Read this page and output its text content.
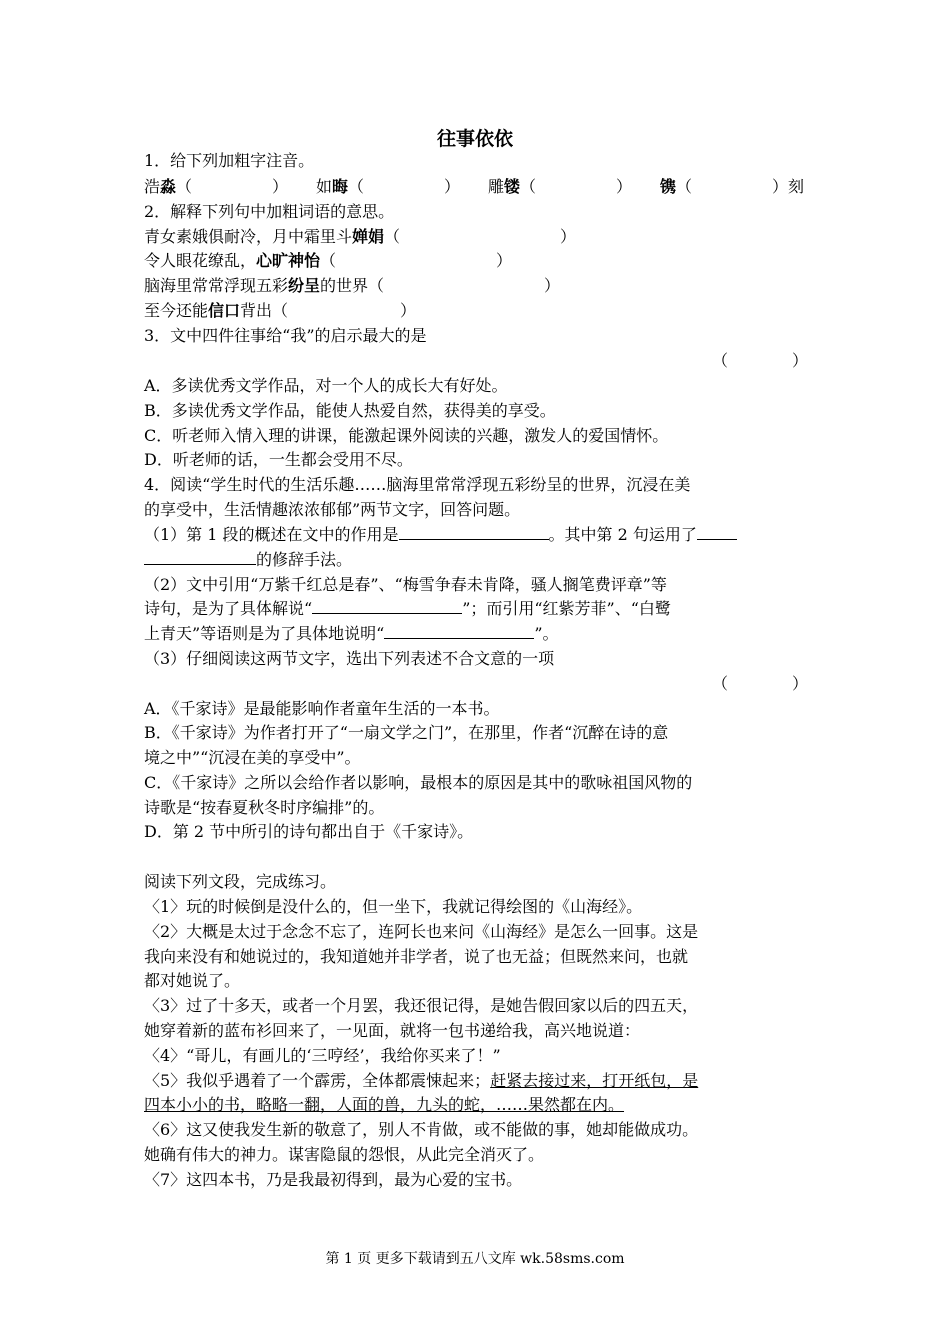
往事依依
1．给下列加粗字注音。
浩淼（　　　　　） 如晦（　　　　　） 雕镂（　　　　　） 镌（　　　　　）刻
2．解释下列句中加粗词语的意思。
青女素娥俱耐冷，月中霜里斗婵娟（　　　　　　　　　　）
令人眼花缭乱，心旷神怡（　　　　　　　　　　）
脑海里常常浮现五彩纷呈的世界（　　　　　　　　　　）
至今还能信口背出（　　　　　　　）
3．文中四件往事给“我”的启示最大的是
（　　　　）
A．多读优秀文学作品，对一个人的成长大有好处。
B．多读优秀文学作品，能使人热爱自然，获得美的享受。
C．听老师入情入理的讲课，能激起课外阅读的兴趣，激发人的爱国情怀。
D．听老师的话，一生都会受用不尽。
4．阅读“学生时代的生活乐趣……脑海里常常浮现五彩纷呈的世界，沉浸在美
的享受中，生活情趣浓浓郁郁”两节文字，回答问题。
（1）第 1 段的概述在文中的作用是	。其中第 2 句运用了
的修辞手法。
（2）文中引用“万紫千红总是春”、“梅雪争春未肯降，骚人搁笔费评章”等
诗句，是为了具体解说“	”；而引用“红紫芳菲”、“白鹭
上青天”等语则是为了具体地说明“	”。
（3）仔细阅读这两节文字，选出下列表述不合文意的一项
（　　　　）
A．《千家诗》是最能影响作者童年生活的一本书。
B．《千家诗》为作者打开了“一扇文学之门”，在那里，作者“沉醉在诗的意
境之中”“沉浸在美的享受中”。
C．《千家诗》之所以会给作者以影响，最根本的原因是其中的歌咏祖国风物的
诗歌是“按春夏秋冬时序编排”的。
D．第 2 节中所引的诗句都出自于《千家诗》。
阅读下列文段，完成练习。
〈1〉玩的时候倒是没什么的，但一坐下，我就记得绘图的《山海经》。
〈2〉大概是太过于念念不忘了，连阿长也来问《山海经》是怎么一回事。这是
我向来没有和她说过的，我知道她并非学者，说了也无益；但既然来问，也就
都对她说了。
〈3〉过了十多天，或者一个月罢，我还很记得，是她告假回家以后的四五天，
她穿着新的蓝布衫回来了，一见面，就将一包书递给我，高兴地说道：
〈4〉“哥儿，有画儿的‘三哼经’，我给你买来了！”
〈5〉我似乎遇着了一个霹雳，全体都震悚起来；赶紧去接过来，打开纸包，是
四本小小的书，略略一翻，人面的兽，九头的蛇，……果然都在内。
〈6〉这又使我发生新的敬意了，别人不肯做，或不能做的事，她却能做成功。
她确有伟大的神力。谋害隐鼠的怨恨，从此完全消灭了。
〈7〉这四本书，乃是我最初得到，最为心爱的宝书。
第 1 页 更多下载请到五八文库 wk.58sms.com
